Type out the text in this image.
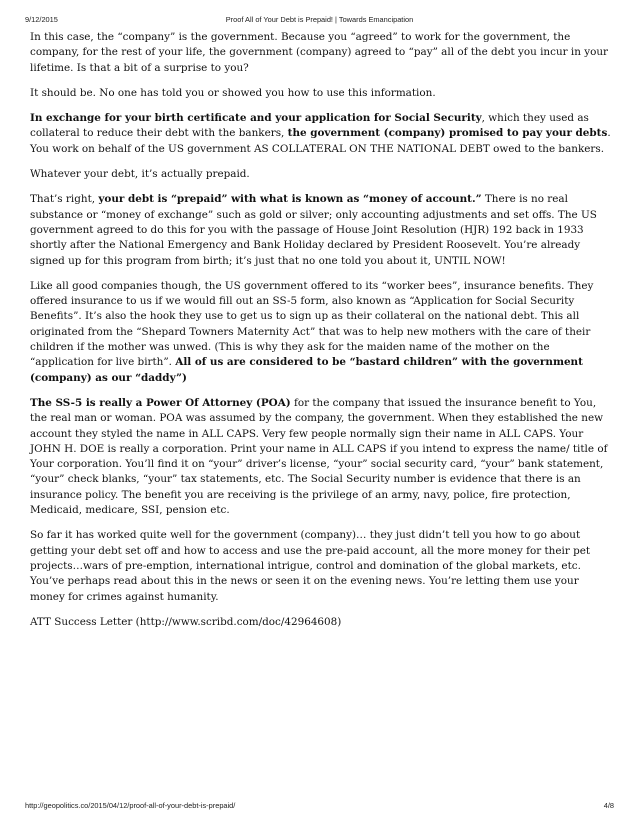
9/12/2015	Proof All of Your Debt is Prepaid! | Towards Emancipation

In this case, the “company” is the government. Because you “agreed” to work for the government, the company, for the rest of your life, the government (company) agreed to “pay” all of the debt you incur in your lifetime. Is that a bit of a surprise to you?

It should be. No one has told you or showed you how to use this information.

In exchange for your birth certificate and your application for Social Security, which they used as collateral to reduce their debt with the bankers, the government (company) promised to pay your debts. You work on behalf of the US government AS COLLATERAL ON THE NATIONAL DEBT owed to the bankers.

Whatever your debt, it’s actually prepaid.

That’s right, your debt is “prepaid” with what is known as “money of account.” There is no real substance or “money of exchange” such as gold or silver; only accounting adjustments and set offs. The US government agreed to do this for you with the passage of House Joint Resolution (HJR) 192 back in 1933 shortly after the National Emergency and Bank Holiday declared by President Roosevelt. You’re already signed up for this program from birth; it’s just that no one told you about it, UNTIL NOW!

Like all good companies though, the US government offered to its “worker bees”, insurance benefits. They offered insurance to us if we would fill out an SS-5 form, also known as “Application for Social Security Benefits”. It’s also the hook they use to get us to sign up as their collateral on the national debt. This all originated from the “Shepard Towners Maternity Act” that was to help new mothers with the care of their children if the mother was unwed. (This is why they ask for the maiden name of the mother on the “application for live birth”. All of us are considered to be “bastard children” with the government (company) as our “daddy”)

The SS-5 is really a Power Of Attorney (POA) for the company that issued the insurance benefit to You, the real man or woman. POA was assumed by the company, the government. When they established the new account they styled the name in ALL CAPS. Very few people normally sign their name in ALL CAPS. Your JOHN H. DOE is really a corporation. Print your name in ALL CAPS if you intend to express the name/ title of Your corporation. You’ll find it on “your” driver’s license, “your” social security card, “your” bank statement, “your” check blanks, “your” tax statements, etc. The Social Security number is evidence that there is an insurance policy. The benefit you are receiving is the privilege of an army, navy, police, fire protection, Medicaid, medicare, SSI, pension etc.

So far it has worked quite well for the government (company)… they just didn’t tell you how to go about getting your debt set off and how to access and use the pre-paid account, all the more money for their pet projects…wars of pre-emption, international intrigue, control and domination of the global markets, etc. You’ve perhaps read about this in the news or seen it on the evening news. You’re letting them use your money for crimes against humanity.

ATT Success Letter (http://www.scribd.com/doc/42964608)

http://geopolitics.co/2015/04/12/proof-all-of-your-debt-is-prepaid/	4/8
